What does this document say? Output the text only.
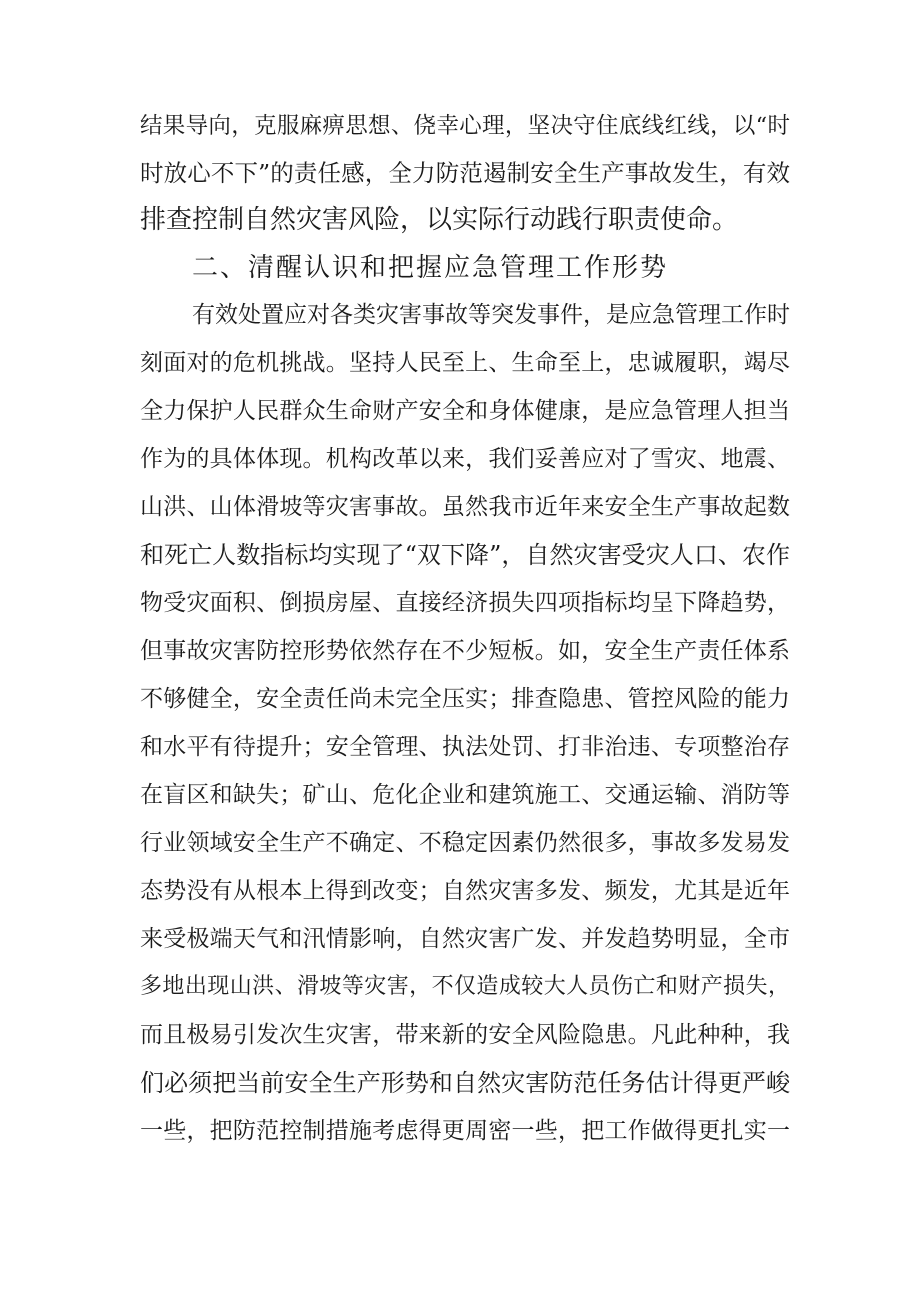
结果导向，克服麻痹思想、侥幸心理，坚决守住底线红线，以“时
时放心不下”的责任感，全力防范遏制安全生产事故发生，有效
排查控制自然灾害风险，以实际行动践行职责使命。
二、清醒认识和把握应急管理工作形势
有效处置应对各类灾害事故等突发事件，是应急管理工作时
刻面对的危机挑战。坚持人民至上、生命至上，忠诚履职，竭尽
全力保护人民群众生命财产安全和身体健康，是应急管理人担当
作为的具体体现。机构改革以来，我们妥善应对了雪灾、地震、
山洪、山体滑坡等灾害事故。虽然我市近年来安全生产事故起数
和死亡人数指标均实现了“双下降”，自然灾害受灾人口、农作
物受灾面积、倒损房屋、直接经济损失四项指标均呈下降趋势，
但事故灾害防控形势依然存在不少短板。如，安全生产责任体系
不够健全，安全责任尚未完全压实；排查隐患、管控风险的能力
和水平有待提升；安全管理、执法处罚、打非治违、专项整治存
在盲区和缺失；矿山、危化企业和建筑施工、交通运输、消防等
行业领域安全生产不确定、不稳定因素仍然很多，事故多发易发
态势没有从根本上得到改变；自然灾害多发、频发，尤其是近年
来受极端天气和汛情影响，自然灾害广发、并发趋势明显，全市
多地出现山洪、滑坡等灾害，不仅造成较大人员伤亡和财产损失，
而且极易引发次生灾害，带来新的安全风险隐患。凡此种种，我
们必须把当前安全生产形势和自然灾害防范任务估计得更严峻
一些，把防范控制措施考虑得更周密一些，把工作做得更扎实一
